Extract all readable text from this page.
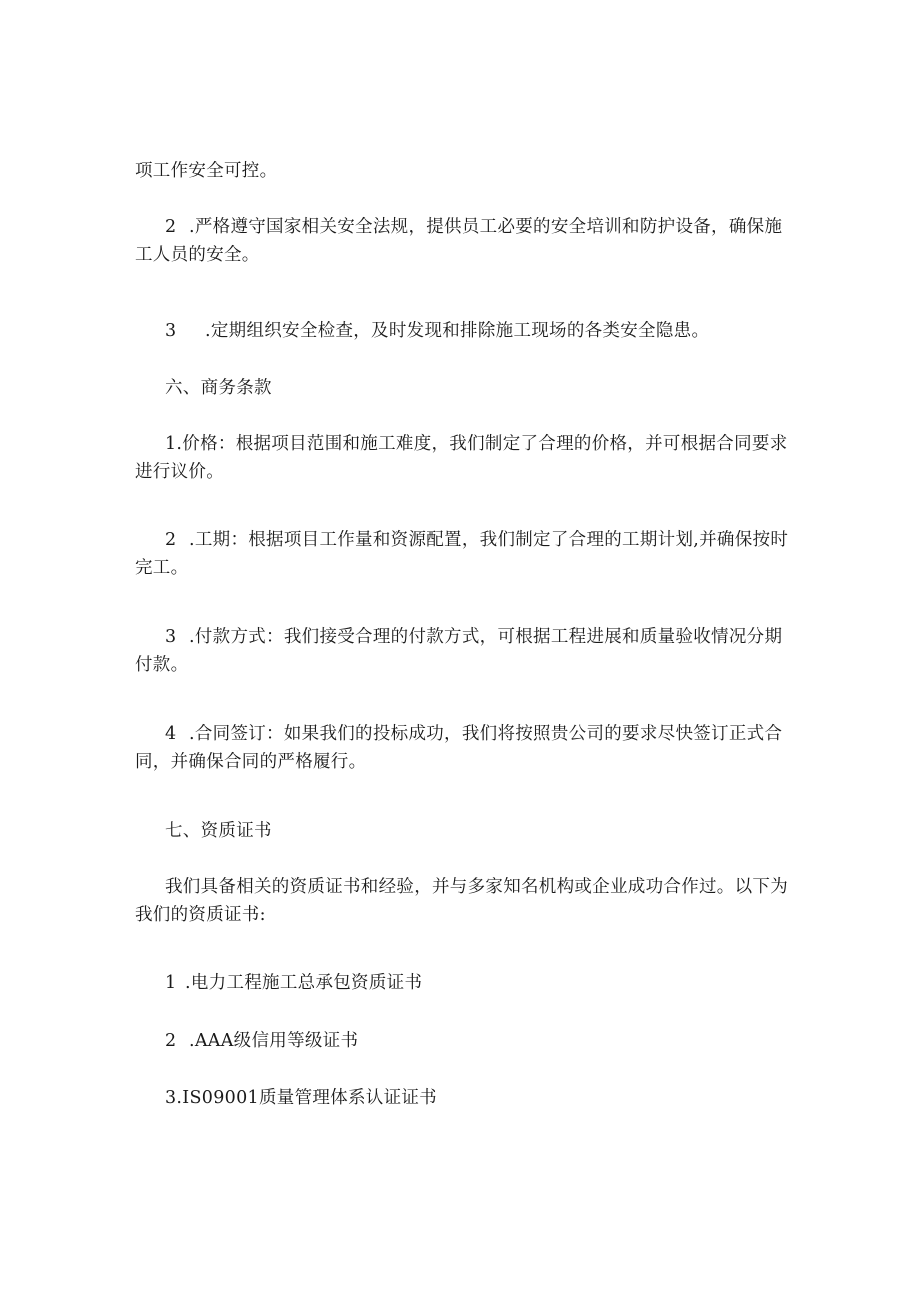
项工作安全可控。

2 .严格遵守国家相关安全法规，提供员工必要的安全培训和防护设备，确保施工人员的安全。

3 .定期组织安全检查，及时发现和排除施工现场的各类安全隐患。

六、商务条款

1.价格：根据项目范围和施工难度，我们制定了合理的价格，并可根据合同要求进行议价。

2 .工期：根据项目工作量和资源配置，我们制定了合理的工期计划,并确保按时完工。

3 .付款方式：我们接受合理的付款方式，可根据工程进展和质量验收情况分期付款。

4 .合同签订：如果我们的投标成功，我们将按照贵公司的要求尽快签订正式合同，并确保合同的严格履行。

七、资质证书

我们具备相关的资质证书和经验，并与多家知名机构或企业成功合作过。以下为我们的资质证书:

1 .电力工程施工总承包资质证书

2 .AAA级信用等级证书

3.IS09001质量管理体系认证证书
